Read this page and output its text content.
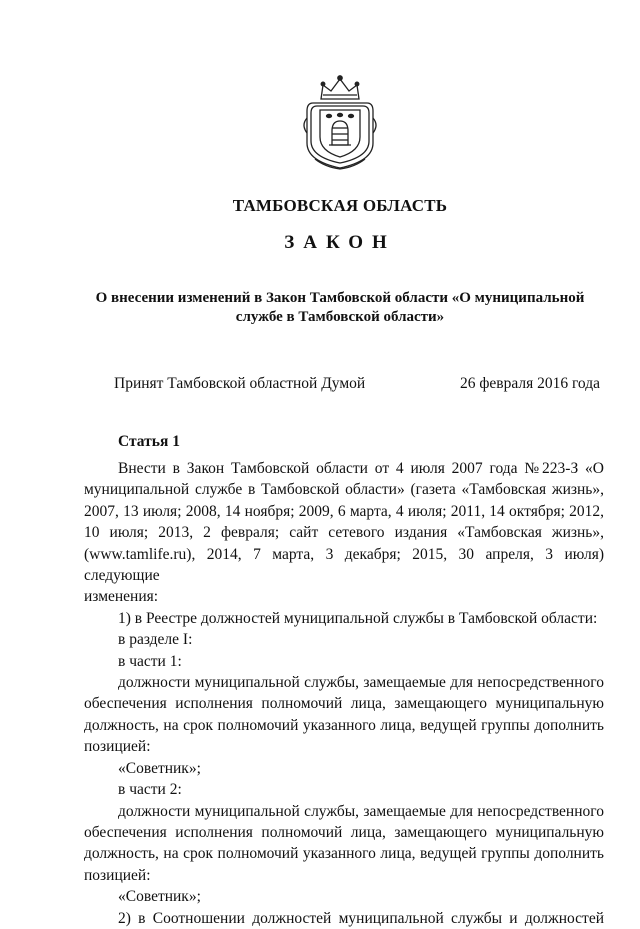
ТАМБОВСКАЯ ОБЛАСТЬ
ЗАКОН
О внесении изменений в Закон Тамбовской области «О муниципальной
службе в Тамбовской области»
Принят Тамбовской областной Думой	26 февраля 2016 года
Статья 1

Внести в Закон Тамбовской области от 4 июля 2007 года №223-З «О

муниципальной службе в Тамбовской области» (газета «Тамбовская жизнь»,

2007, 13 июля; 2008, 14 ноября; 2009, 6 марта, 4 июля; 2011, 14 октября; 2012,

10 июля; 2013, 2 февраля; сайт сетевого издания «Тамбовская жизнь»,

(www.tamlife.ru), 2014, 7 марта, 3 декабря; 2015, 30 апреля, 3 июля) следующие

изменения:

1) в Реестре должностей муниципальной службы в Тамбовской области:

в разделе I:

в части 1:

должности муниципальной службы, замещаемые для непосредственного

обеспечения исполнения полномочий лица, замещающего муниципальную

должность, на срок полномочий указанного лица, ведущей группы дополнить

позицией:

«Советник»;

в части 2:

должности муниципальной службы, замещаемые для непосредственного

обеспечения исполнения полномочий лица, замещающего муниципальную

должность, на срок полномочий указанного лица, ведущей группы дополнить

позицией:

«Советник»;

2) в Соотношении должностей муниципальной службы и должностей
